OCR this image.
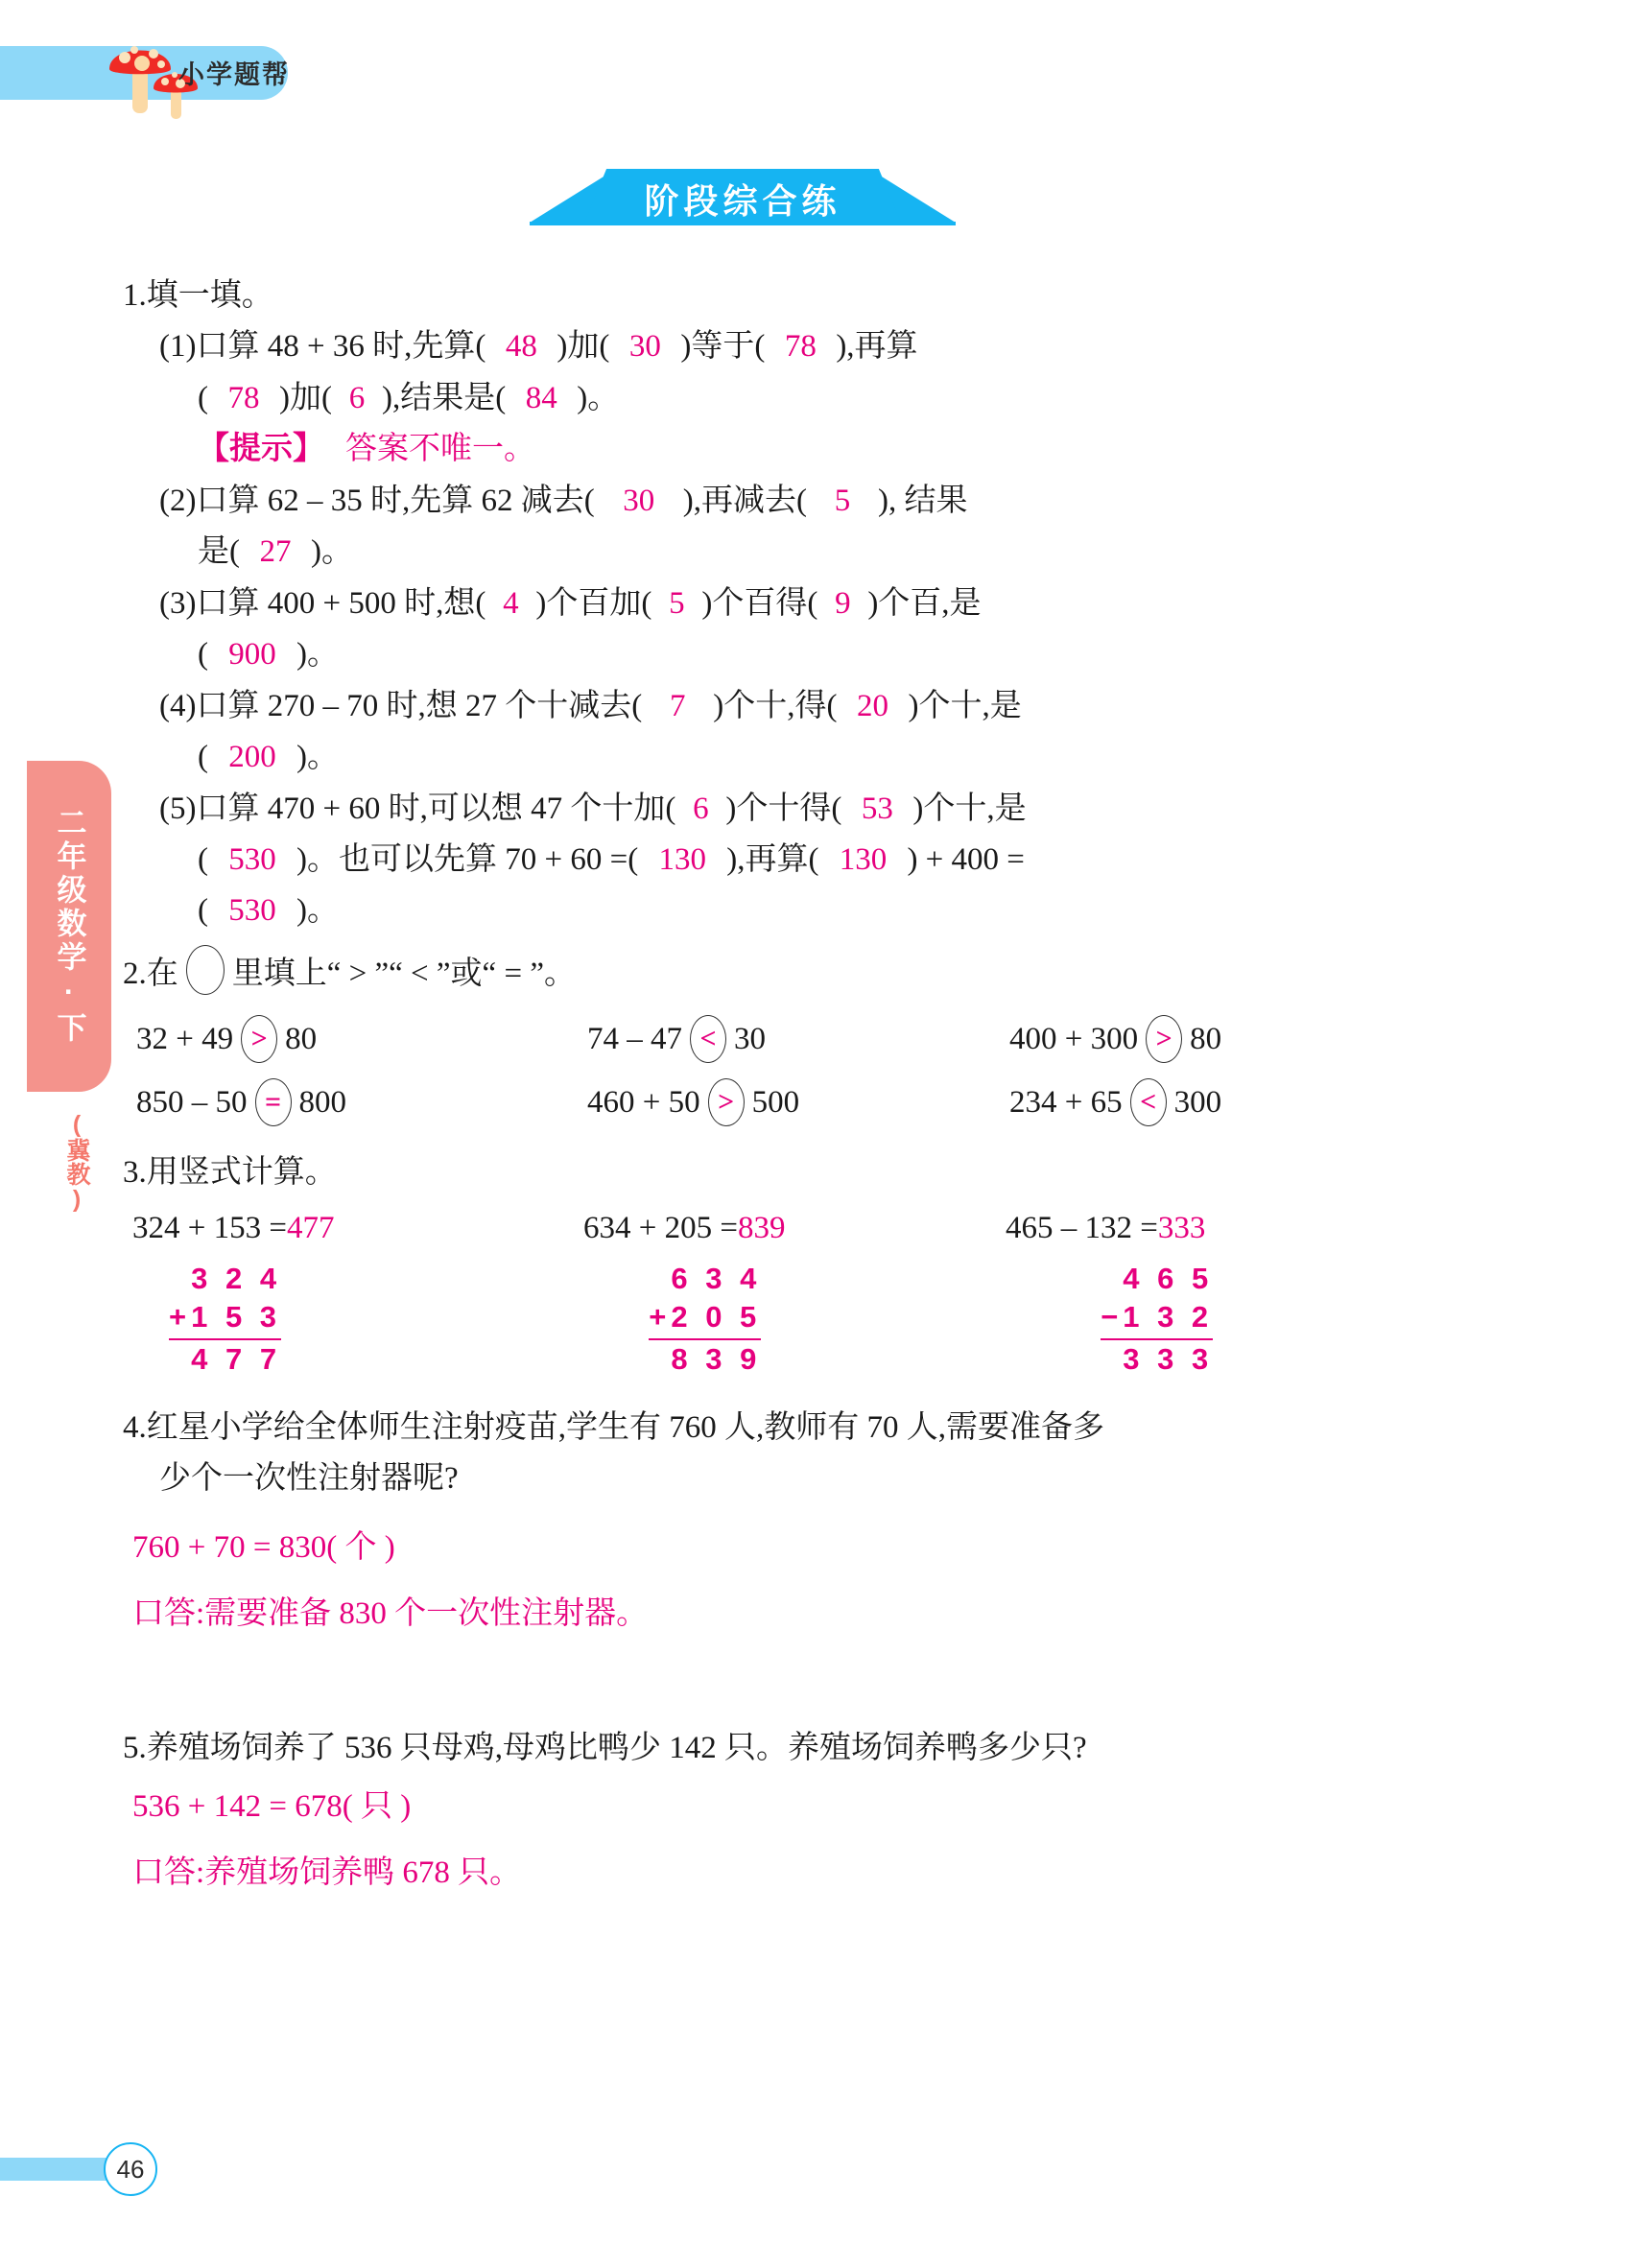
小学题帮
阶段综合练
二年级数学·下
(冀教)
1.填一填。
(1)口算 48 + 36 时,先算( 48 )加( 30 )等于( 78 ),再算
( 78 )加( 6 ),结果是( 84 )。
【提示】 答案不唯一。
(2)口算 62 – 35 时,先算 62 减去( 30 ),再减去( 5 ), 结果
是( 27 )。
(3)口算 400 + 500 时,想( 4 )个百加( 5 )个百得( 9 )个百,是
( 900 )。
(4)口算 270 – 70 时,想 27 个十减去( 7 )个十,得( 20 )个十,是
( 200 )。
(5)口算 470 + 60 时,可以想 47 个十加( 6 )个十得( 53 )个十,是
( 530 )。也可以先算 70 + 60 =( 130 ),再算( 130 ) + 400 =
( 530 )。
2.在 里填上“ > ”“ < ”或“ = ”。
32 + 49 > 80	74 – 47 < 30	400 + 300 > 80
850 – 50 = 800	460 + 50 > 500	234 + 65 < 300
3.用竖式计算。
324 + 153 =477	634 + 205 =839	465 – 132 =333
3 2 4
+1 5 3
4 7 7
6 3 4
+2 0 5
8 3 9
4 6 5
−1 3 2
3 3 3
4.红星小学给全体师生注射疫苗,学生有 760 人,教师有 70 人,需要准备多
少个一次性注射器呢?
760 + 70 = 830( 个 )
口答:需要准备 830 个一次性注射器。
5.养殖场饲养了 536 只母鸡,母鸡比鸭少 142 只。养殖场饲养鸭多少只?
536 + 142 = 678( 只 )
口答:养殖场饲养鸭 678 只。
46
